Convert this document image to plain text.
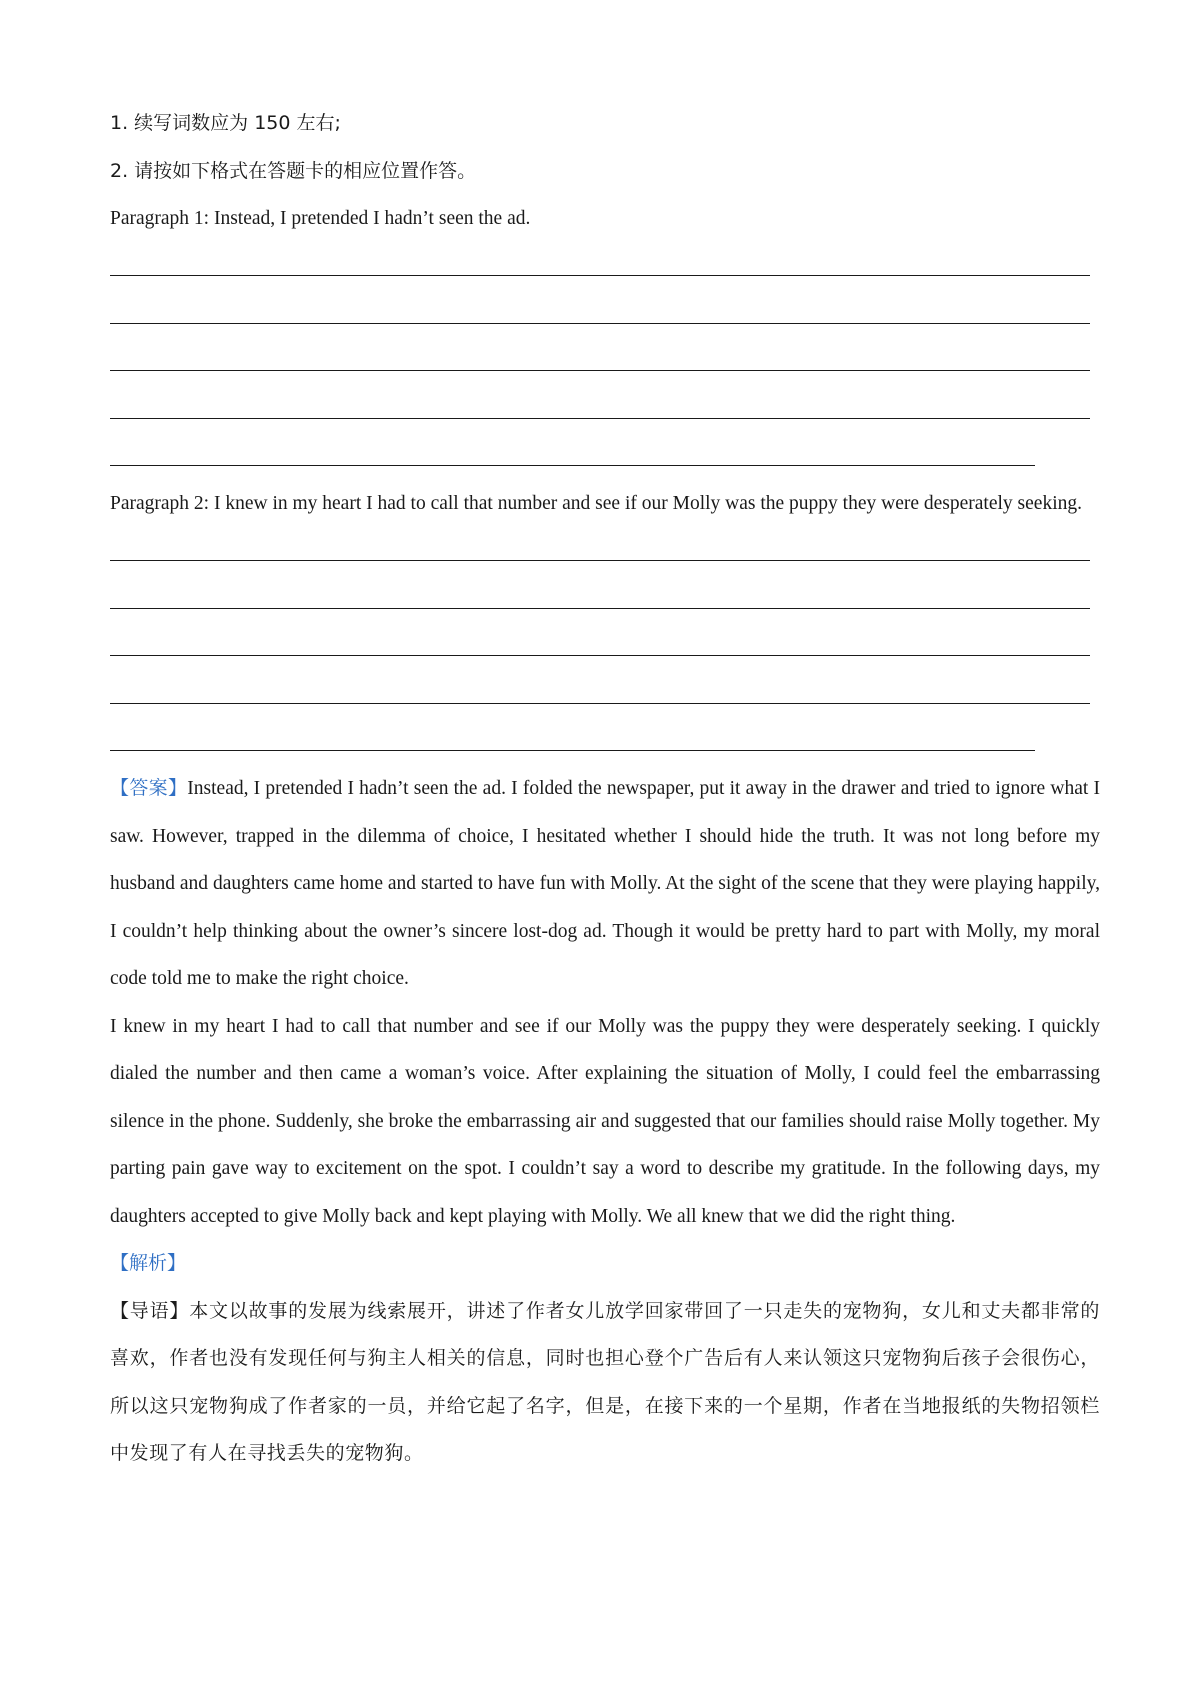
1. 续写词数应为 150 左右;

2. 请按如下格式在答题卡的相应位置作答。

Paragraph 1: Instead, I pretended I hadn’t seen the ad.

Paragraph 2: I knew in my heart I had to call that number and see if our Molly was the puppy they were desperately seeking.

【答案】Instead, I pretended I hadn’t seen the ad. I folded the newspaper, put it away in the drawer and tried to ignore what I saw. However, trapped in the dilemma of choice, I hesitated whether I should hide the truth. It was not long before my husband and daughters came home and started to have fun with Molly. At the sight of the scene that they were playing happily, I couldn’t help thinking about the owner’s sincere lost-dog ad. Though it would be pretty hard to part with Molly, my moral code told me to make the right choice.

I knew in my heart I had to call that number and see if our Molly was the puppy they were desperately seeking. I quickly dialed the number and then came a woman’s voice. After explaining the situation of Molly, I could feel the embarrassing silence in the phone. Suddenly, she broke the embarrassing air and suggested that our families should raise Molly together. My parting pain gave way to excitement on the spot. I couldn’t say a word to describe my gratitude. In the following days, my daughters accepted to give Molly back and kept playing with Molly. We all knew that we did the right thing.

【解析】

【导语】本文以故事的发展为线索展开，讲述了作者女儿放学回家带回了一只走失的宠物狗，女儿和丈夫都非常的喜欢，作者也没有发现任何与狗主人相关的信息，同时也担心登个广告后有人来认领这只宠物狗后孩子会很伤心，所以这只宠物狗成了作者家的一员，并给它起了名字，但是，在接下来的一个星期，作者在当地报纸的失物招领栏中发现了有人在寻找丢失的宠物狗。
